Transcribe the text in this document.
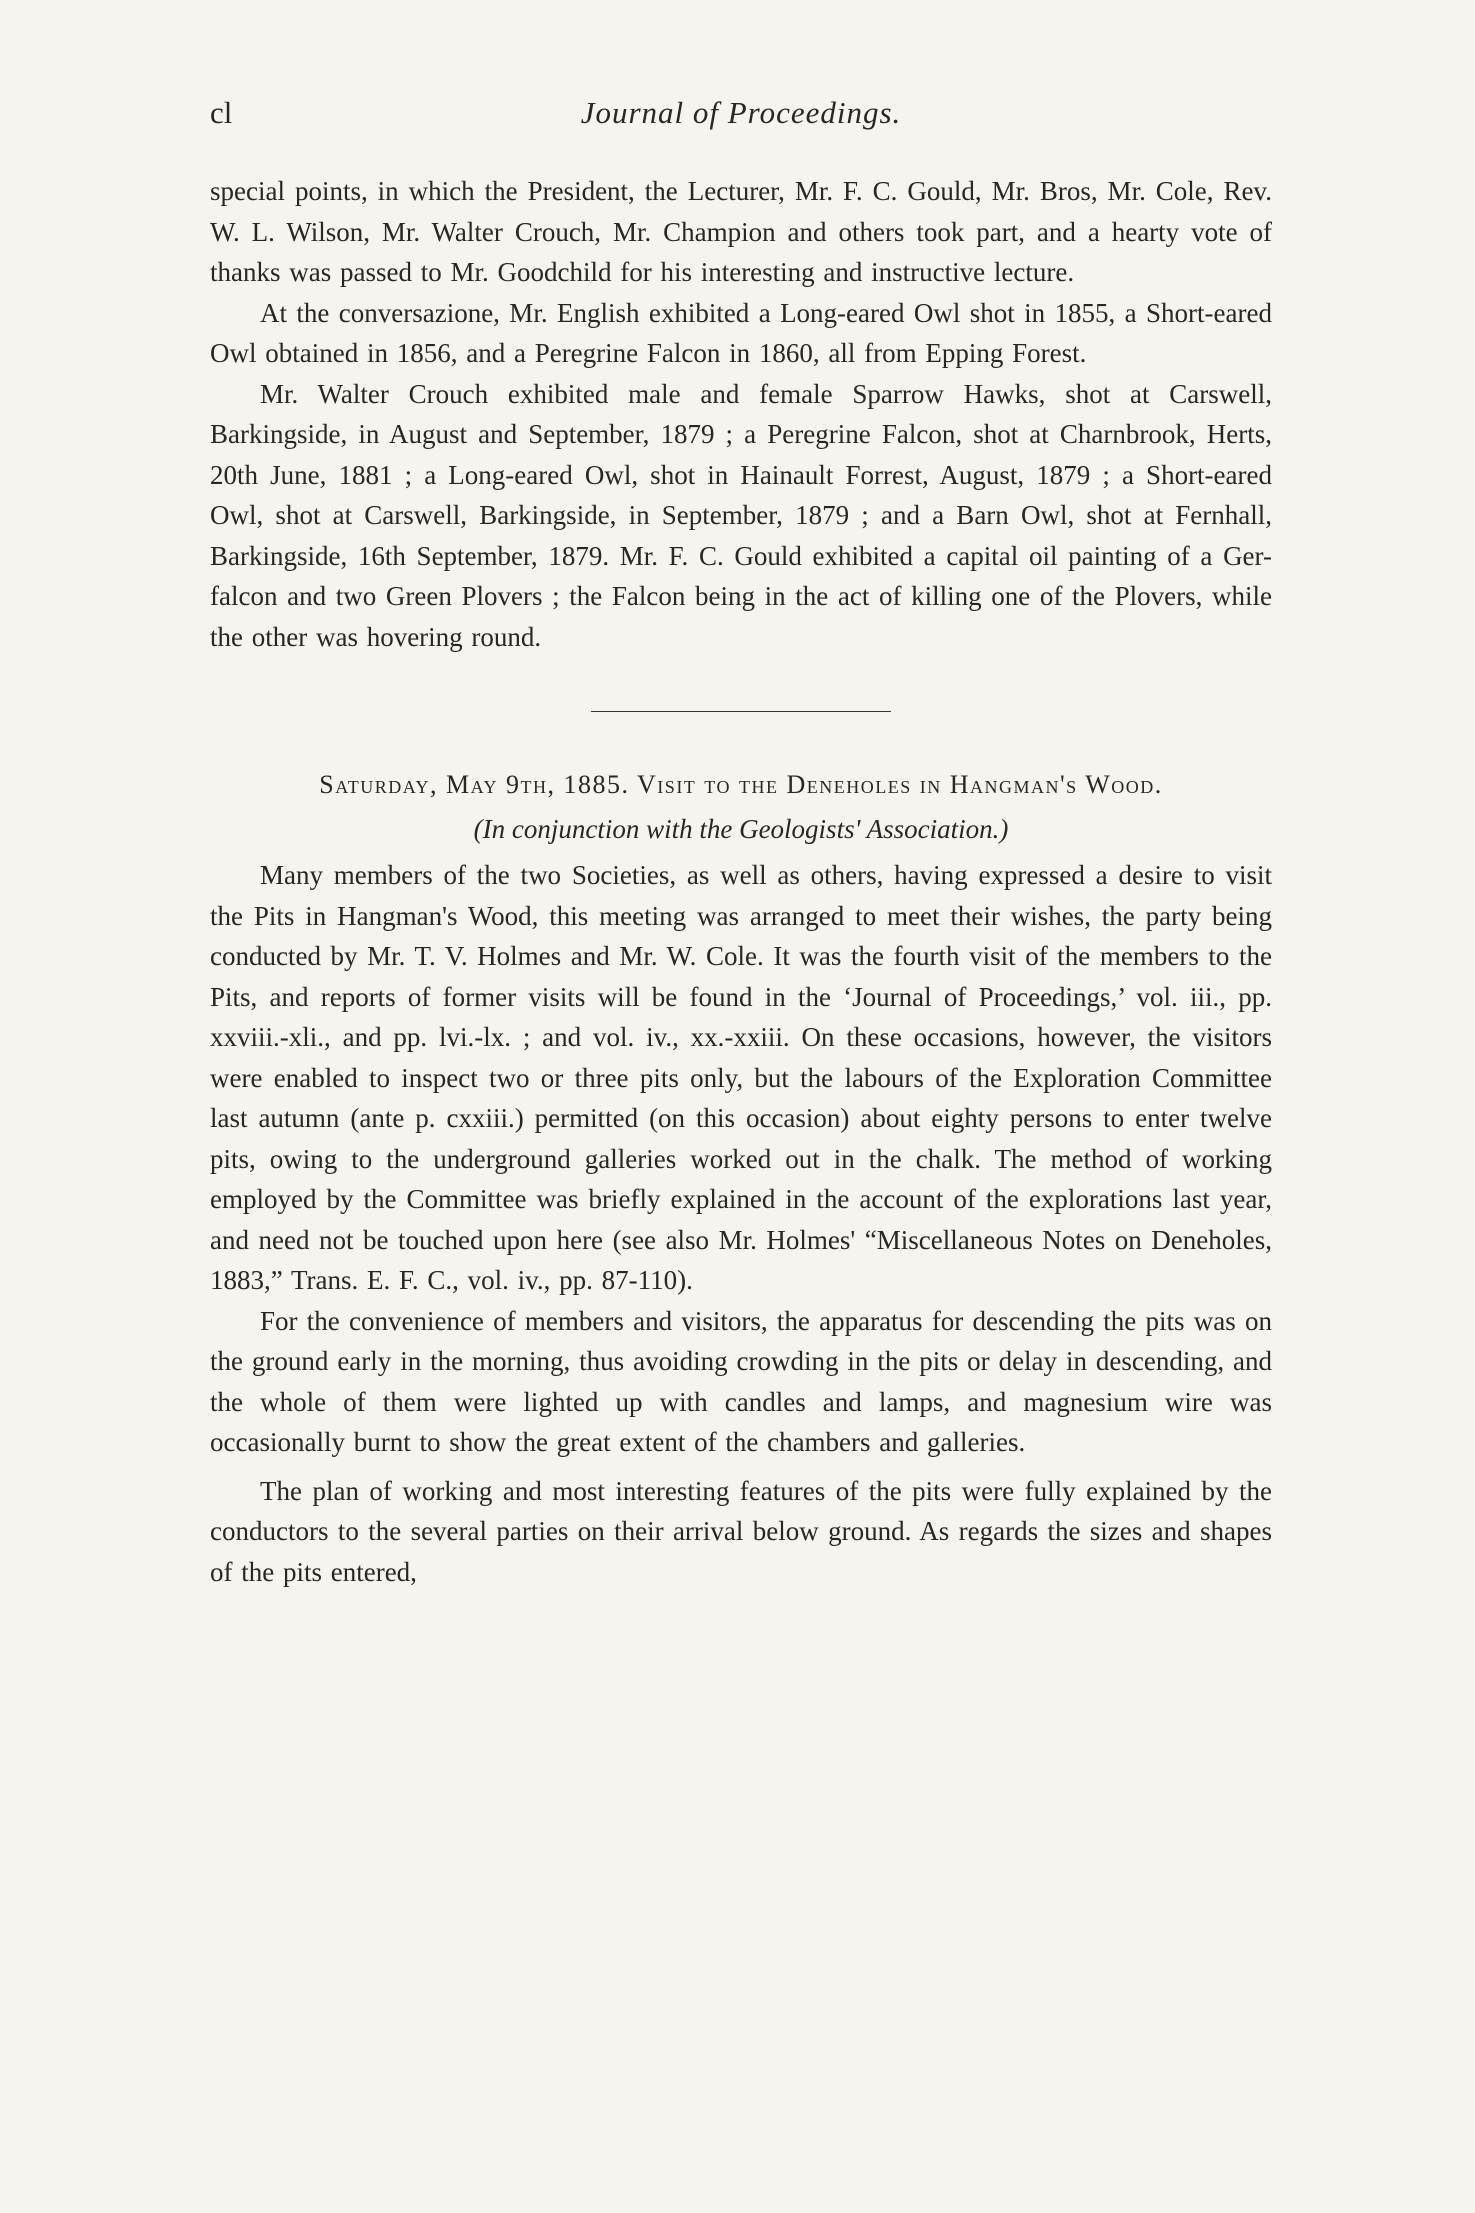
cl	Journal of Proceedings.

special points, in which the President, the Lecturer, Mr. F. C. Gould, Mr. Bros, Mr. Cole, Rev. W. L. Wilson, Mr. Walter Crouch, Mr. Champion and others took part, and a hearty vote of thanks was passed to Mr. Goodchild for his interesting and instructive lecture.

At the conversazione, Mr. English exhibited a Long-eared Owl shot in 1855, a Short-eared Owl obtained in 1856, and a Peregrine Falcon in 1860, all from Epping Forest.

Mr. Walter Crouch exhibited male and female Sparrow Hawks, shot at Carswell, Barkingside, in August and September, 1879 ; a Peregrine Falcon, shot at Charnbrook, Herts, 20th June, 1881 ; a Long-eared Owl, shot in Hainault Forrest, August, 1879 ; a Short-eared Owl, shot at Carswell, Barkingside, in September, 1879 ; and a Barn Owl, shot at Fernhall, Barkingside, 16th September, 1879. Mr. F. C. Gould exhibited a capital oil painting of a Ger-falcon and two Green Plovers ; the Falcon being in the act of killing one of the Plovers, while the other was hovering round.

Saturday, May 9th, 1885. Visit to the Deneholes in Hangman's Wood.
(In conjunction with the Geologists' Association.)

Many members of the two Societies, as well as others, having expressed a desire to visit the Pits in Hangman's Wood, this meeting was arranged to meet their wishes, the party being conducted by Mr. T. V. Holmes and Mr. W. Cole. It was the fourth visit of the members to the Pits, and reports of former visits will be found in the ‘Journal of Proceedings,’ vol. iii., pp. xxviii.-xli., and pp. lvi.-lx. ; and vol. iv., xx.-xxiii. On these occasions, however, the visitors were enabled to inspect two or three pits only, but the labours of the Exploration Committee last autumn (ante p. cxxiii.) permitted (on this occasion) about eighty persons to enter twelve pits, owing to the underground galleries worked out in the chalk. The method of working employed by the Committee was briefly explained in the account of the explorations last year, and need not be touched upon here (see also Mr. Holmes' “Miscellaneous Notes on Deneholes, 1883,” Trans. E. F. C., vol. iv., pp. 87-110).

For the convenience of members and visitors, the apparatus for descending the pits was on the ground early in the morning, thus avoiding crowding in the pits or delay in descending, and the whole of them were lighted up with candles and lamps, and magnesium wire was occasionally burnt to show the great extent of the chambers and galleries.

The plan of working and most interesting features of the pits were fully explained by the conductors to the several parties on their arrival below ground. As regards the sizes and shapes of the pits entered,
